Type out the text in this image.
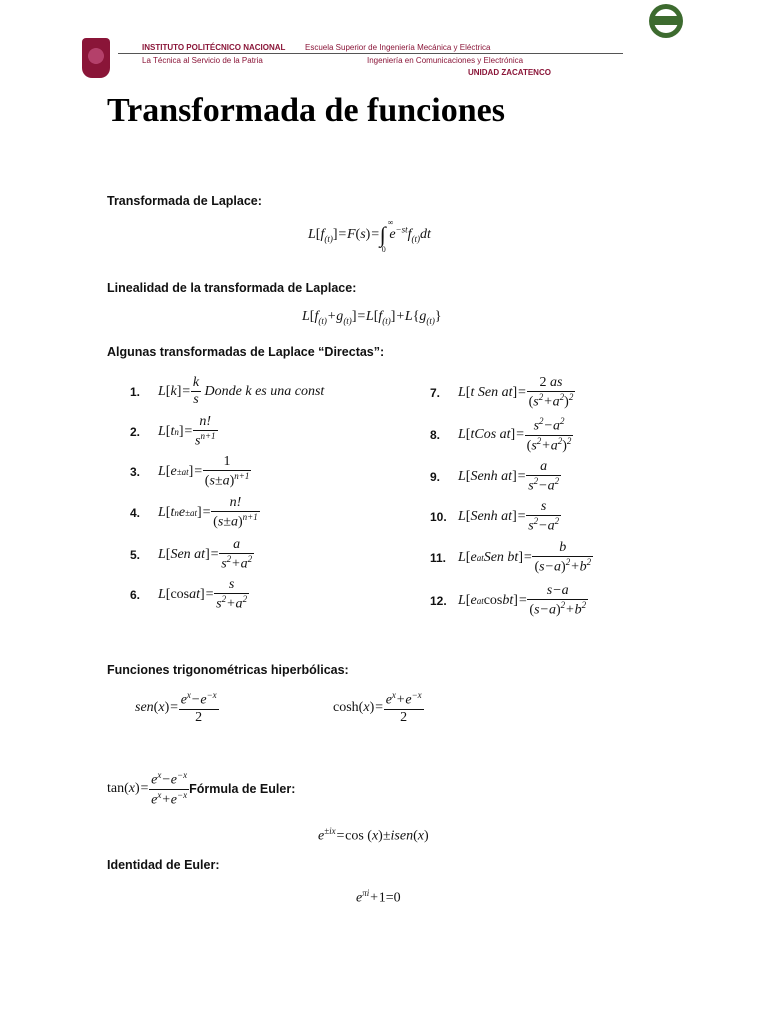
INSTITUTO POLITÉCNICO NACIONAL
La Técnica al Servicio de la Patria
Escuela Superior de Ingeniería Mecánica y Eléctrica
Ingeniería en Comunicaciones y Electrónica
UNIDAD ZACATENCO
Transformada de funciones
Transformada de Laplace:
$L[f_{(t)}]=F(s)=\int$ ∞
0
$e^{-st}f_{(t)}dt$
Linealidad de la transformada de Laplace:
$L[f_{(t)}+g_{(t)}]=L[f_{(t)}]+L\{g_{(t)}\}$
Algunas transformadas de Laplace “Directas”:
1.	L [ k ] = $\frac{k}{s}$ Donde k es una const
2.	L [ t n ] = $\frac{n!}{s^{n+1}}$
3.	L [ e ±at ] = $\frac{1}{(s\pm a)^{n+1}}$
4.	L [ t n e ±at ] = $\frac{n!}{(s\pm a)^{n+1}}$
5.	L [ Sen at ] = $\frac{a}{s^2+a^2}$
6.	L [ cos at ] = $\frac{s}{s^2+a^2}$
7.	L [ t Sen at ] = $\frac{2 as}{(s^2+a^2)^2}$
8.	L [ tCos at ] = $\frac{s^2-a^2}{(s^2+a^2)^2}$
9.	L [ Senh at ] = $\frac{a}{s^2-a^2}$
10. L [ Senh at ] = $\frac{s}{s^2-a^2}$
11. L [ e at Sen bt ] = $\frac{b}{(s-a)^2+b^2}$
12. L [ e at cos bt ] = $\frac{s-a}{(s-a)^2+b^2}$
Funciones trigonométricas hiperbólicas:
$sen(x)= \frac{e^x-e^{-x}}{2}$	$\cosh(x)= \frac{e^x+e^{-x}}{2}$
tan ( x ) = $\frac{e^x-e^{-x}}{e^x+e^{-x}}$ Fórmula de Euler:
$e^{\pm ix}=\cos$ (x)±isen(x)
Identidad de Euler:
$e^{\pi i}+1=0$
